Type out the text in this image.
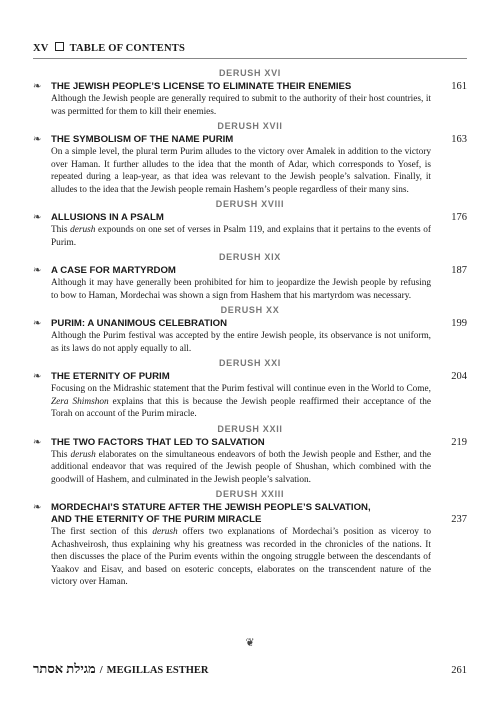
XV TABLE OF CONTENTS
DERUSH XVI
❧	THE JEWISH PEOPLE’S LICENSE TO ELIMINATE THEIR ENEMIES	161
Although the Jewish people are generally required to submit to the authority of their host countries, it was permitted for them to kill their enemies.
DERUSH XVII
❧	THE SYMBOLISM OF THE NAME PURIM	163
On a simple level, the plural term Purim alludes to the victory over Amalek in addition to the victory over Haman. It further alludes to the idea that the month of Adar, which corresponds to Yosef, is repeated during a leap-year, as that idea was relevant to the Jewish people’s salvation. Finally, it alludes to the idea that the Jewish people remain Hashem’s people regardless of their many sins.
DERUSH XVIII
❧	ALLUSIONS IN A PSALM	176
This derush expounds on one set of verses in Psalm 119, and explains that it pertains to the events of Purim.
DERUSH XIX
❧	A CASE FOR MARTYRDOM	187
Although it may have generally been prohibited for him to jeopardize the Jewish people by refusing to bow to Haman, Mordechai was shown a sign from Hashem that his martyrdom was necessary.
DERUSH XX
❧	PURIM: A UNANIMOUS CELEBRATION	199
Although the Purim festival was accepted by the entire Jewish people, its observance is not uniform, as its laws do not apply equally to all.
DERUSH XXI
❧	THE ETERNITY OF PURIM	204
Focusing on the Midrashic statement that the Purim festival will continue even in the World to Come, Zera Shimshon explains that this is because the Jewish people reaffirmed their acceptance of the Torah on account of the Purim miracle.
DERUSH XXII
❧	THE TWO FACTORS THAT LED TO SALVATION	219
This derush elaborates on the simultaneous endeavors of both the Jewish people and Esther, and the additional endeavor that was required of the Jewish people of Shushan, which combined with the goodwill of Hashem, and culminated in the Jewish people’s salvation.
DERUSH XXIII
❧	MORDECHAI’S STATURE AFTER THE JEWISH PEOPLE’S SALVATION,
AND THE ETERNITY OF THE PURIM MIRACLE	237
The first section of this derush offers two explanations of Mordechai’s position as viceroy to Achashveirosh, thus explaining why his greatness was recorded in the chronicles of the nations. It then discusses the place of the Purim events within the ongoing struggle between the descendants of Yaakov and Eisav, and based on esoteric concepts, elaborates on the transcendent nature of the victory over Haman.
❦
מגילת אסתר / MEGILLAS ESTHER	261
